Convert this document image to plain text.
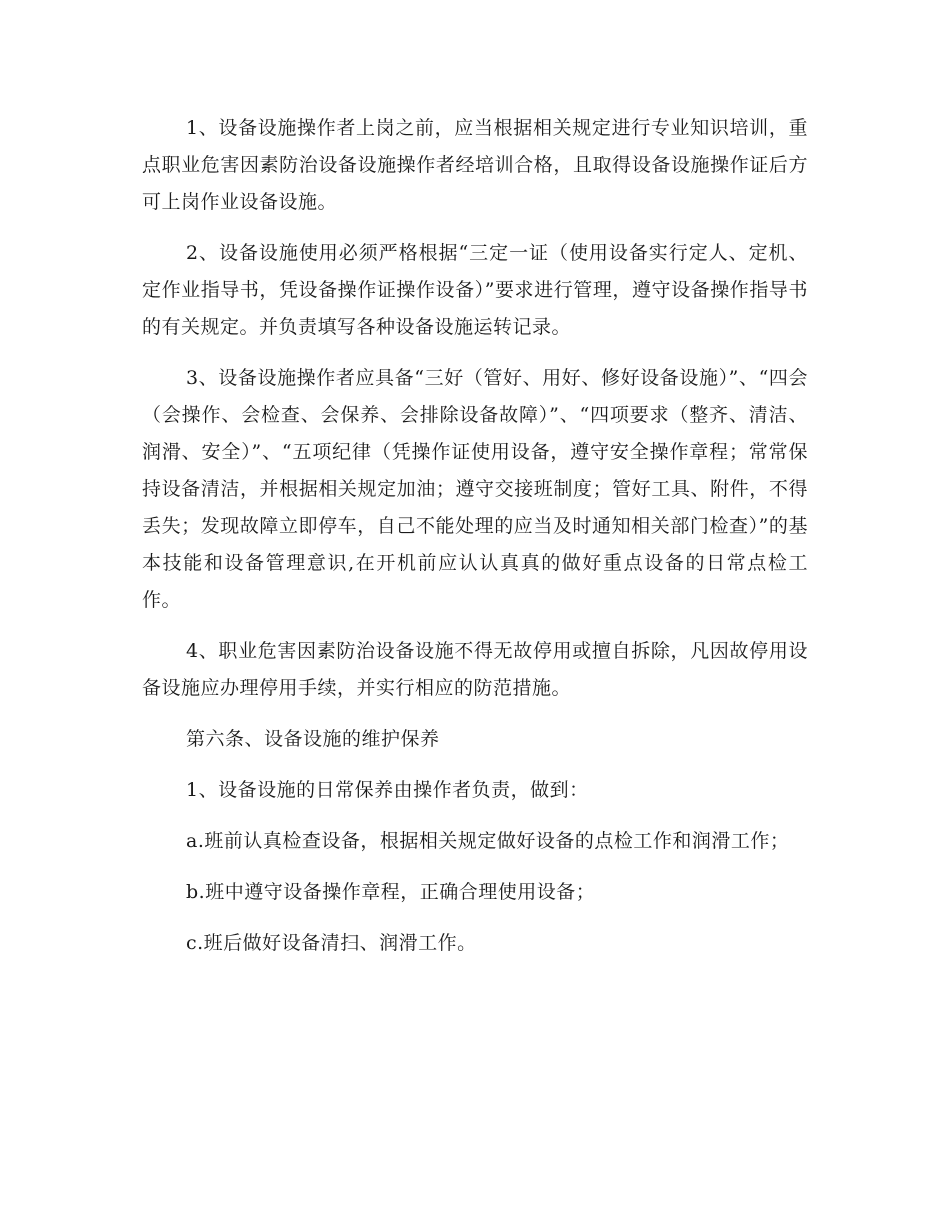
1、设备设施操作者上岗之前，应当根据相关规定进行专业知识培训，重点职业危害因素防治设备设施操作者经培训合格，且取得设备设施操作证后方可上岗作业设备设施。

2、设备设施使用必须严格根据“三定一证（使用设备实行定人、定机、定作业指导书，凭设备操作证操作设备）”要求进行管理，遵守设备操作指导书的有关规定。并负责填写各种设备设施运转记录。

3、设备设施操作者应具备“三好（管好、用好、修好设备设施）”、“四会（会操作、会检查、会保养、会排除设备故障）”、“四项要求（整齐、清洁、润滑、安全）”、“五项纪律（凭操作证使用设备，遵守安全操作章程；常常保持设备清洁，并根据相关规定加油；遵守交接班制度；管好工具、附件，不得丢失；发现故障立即停车，自己不能处理的应当及时通知相关部门检查）”的基本技能和设备管理意识,在开机前应认认真真的做好重点设备的日常点检工作。

4、职业危害因素防治设备设施不得无故停用或擅自拆除，凡因故停用设备设施应办理停用手续，并实行相应的防范措施。

第六条、设备设施的维护保养

1、设备设施的日常保养由操作者负责，做到：

a.班前认真检查设备，根据相关规定做好设备的点检工作和润滑工作；

b.班中遵守设备操作章程，正确合理使用设备；

c.班后做好设备清扫、润滑工作。
